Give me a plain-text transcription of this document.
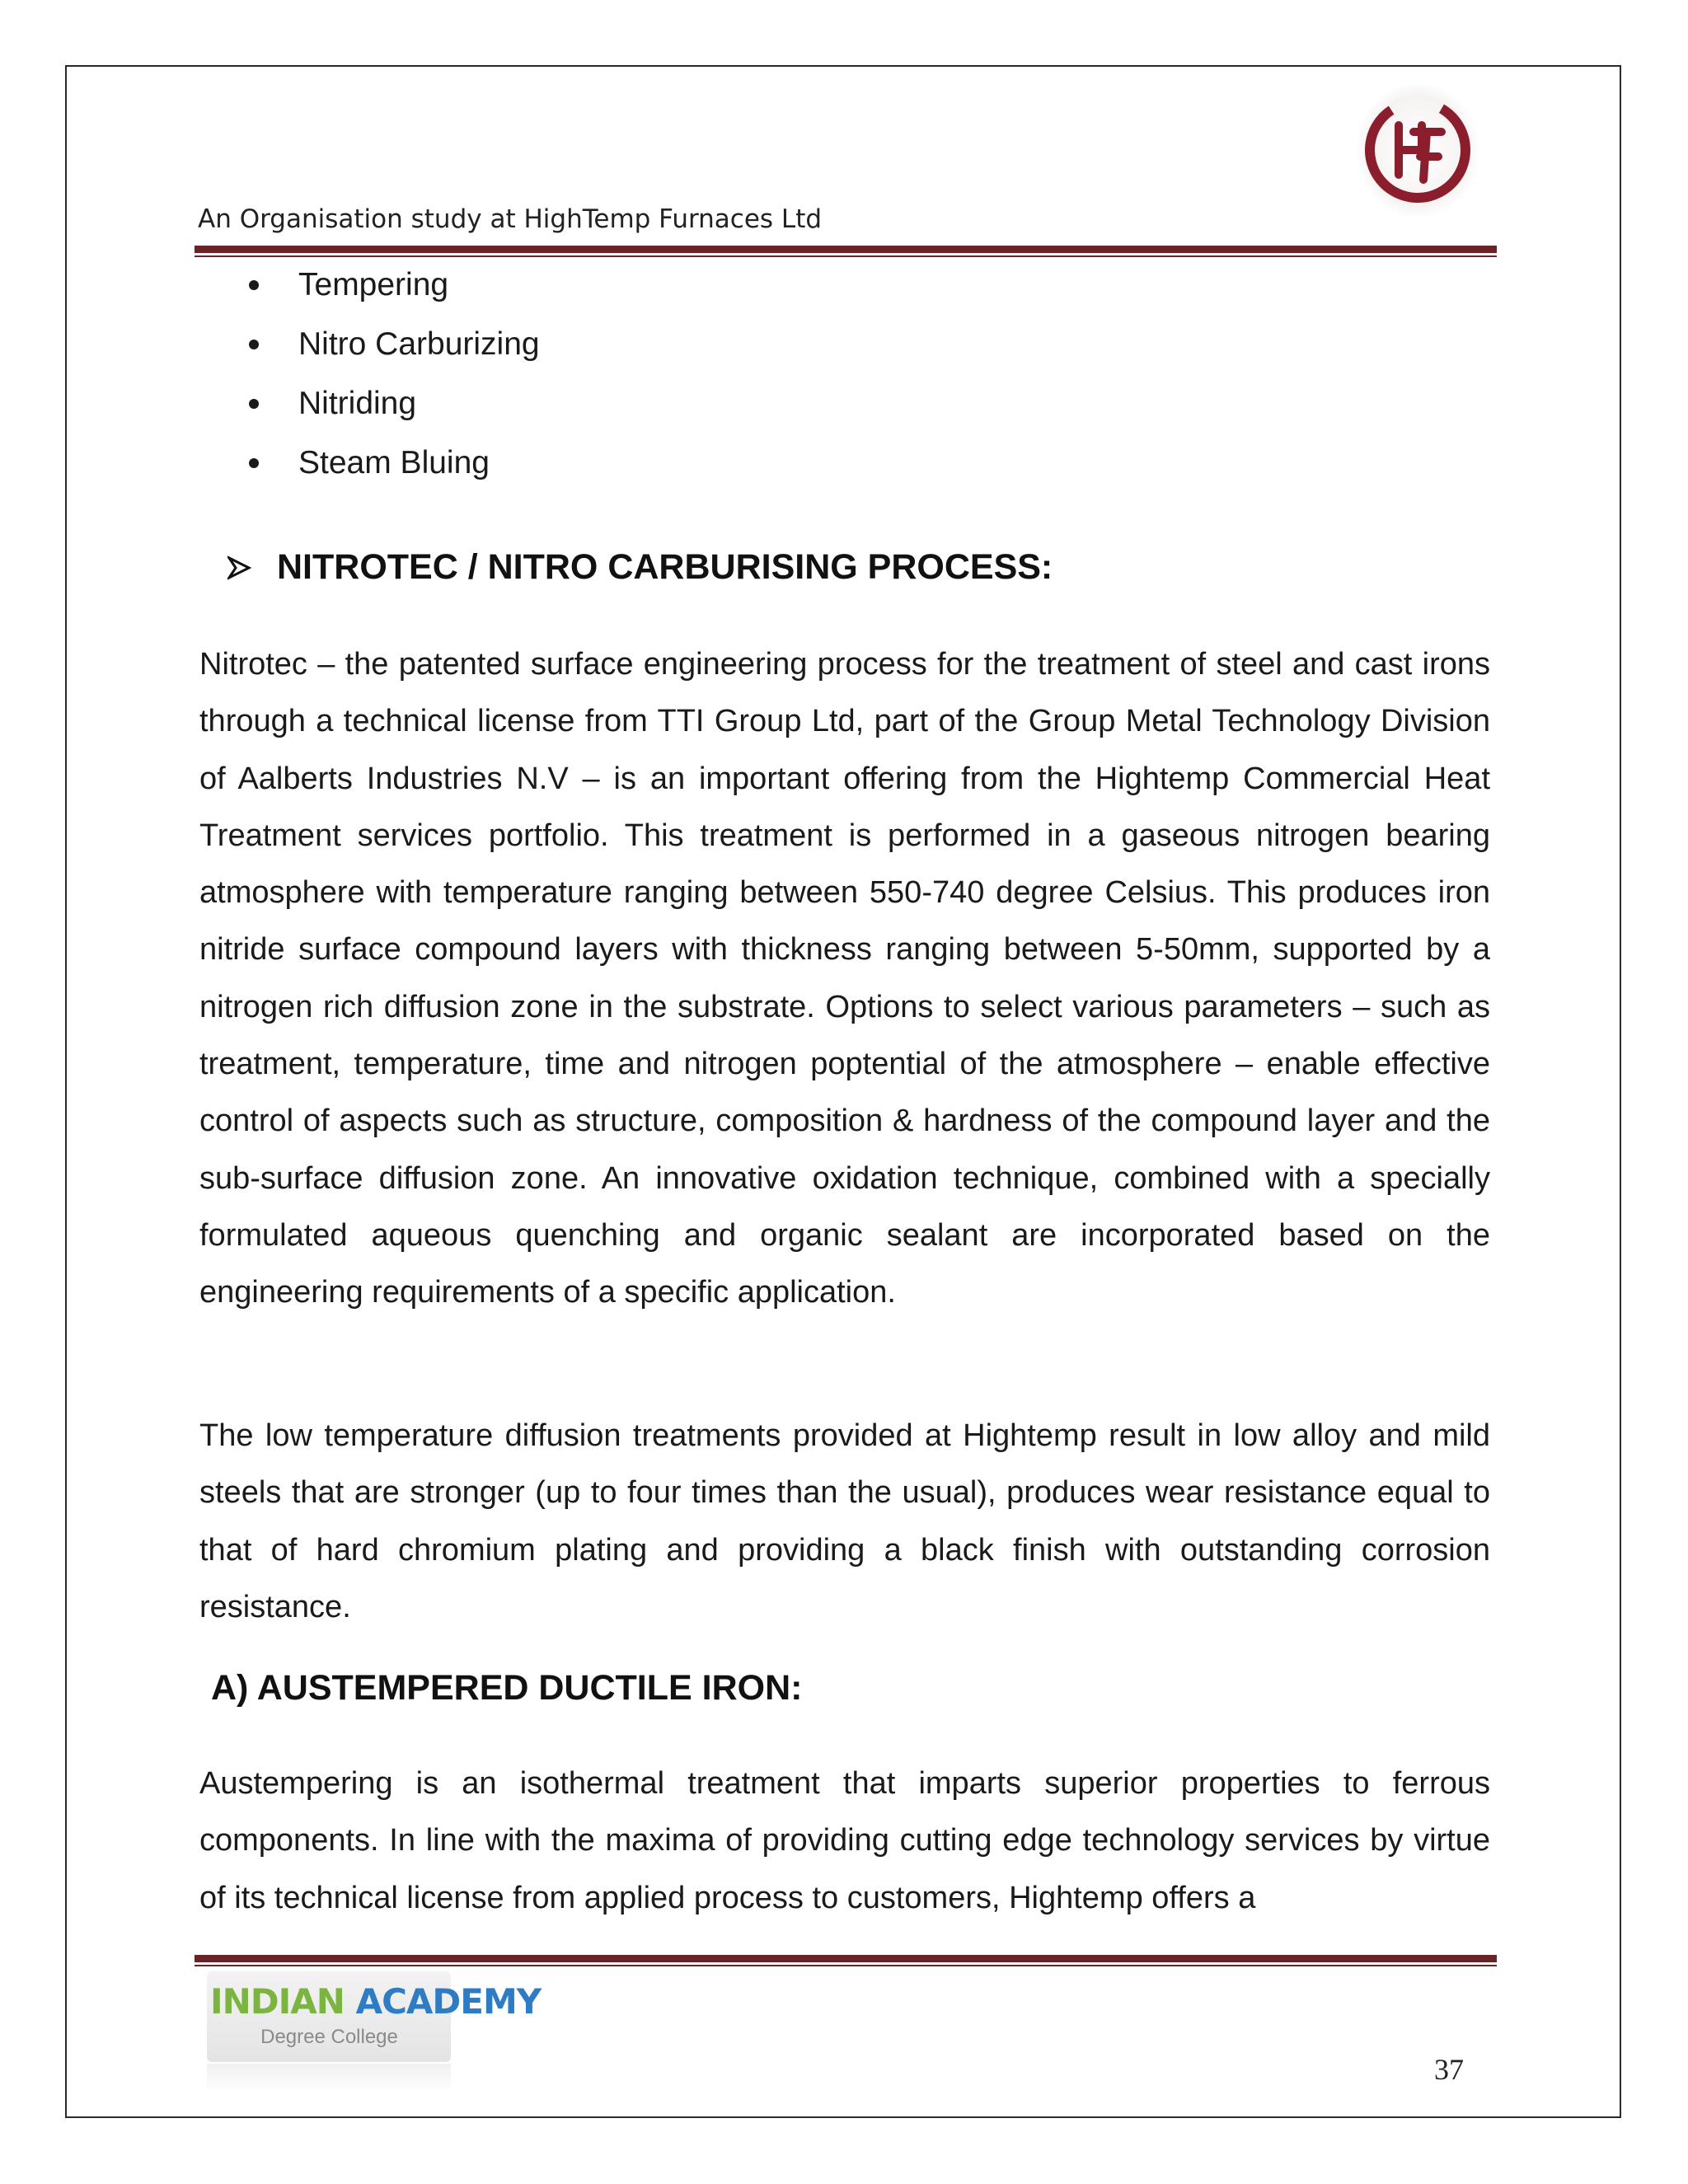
An Organisation study at HighTemp Furnaces Ltd
Tempering
Nitro Carburizing
Nitriding
Steam Bluing
NITROTEC / NITRO CARBURISING PROCESS:

Nitrotec – the patented surface engineering process for the treatment of steel and cast irons through a technical license from TTI Group Ltd, part of the Group Metal Technology Division of Aalberts Industries N.V – is an important offering from the Hightemp Commercial Heat Treatment services portfolio. This treatment is performed in a gaseous nitrogen bearing atmosphere with temperature ranging between 550-740 degree Celsius. This produces iron nitride surface compound layers with thickness ranging between 5-50mm, supported by a nitrogen rich diffusion zone in the substrate. Options to select various parameters – such as treatment, temperature, time and nitrogen poptential of the atmosphere – enable effective control of aspects such as structure, composition & hardness of the compound layer and the sub-surface diffusion zone. An innovative oxidation technique, combined with a specially formulated aqueous quenching and organic sealant are incorporated based on the engineering requirements of a specific application.

The low temperature diffusion treatments provided at Hightemp result in low alloy and mild steels that are stronger (up to four times than the usual), produces wear resistance equal to that of hard chromium plating and providing a black finish with outstanding corrosion resistance.

A) AUSTEMPERED DUCTILE IRON:

Austempering is an isothermal treatment that imparts superior properties to ferrous components. In line with the maxima of providing cutting edge technology services by virtue of its technical license from applied process to customers, Hightemp offers a

INDIAN ACADEMY
Degree College
37
